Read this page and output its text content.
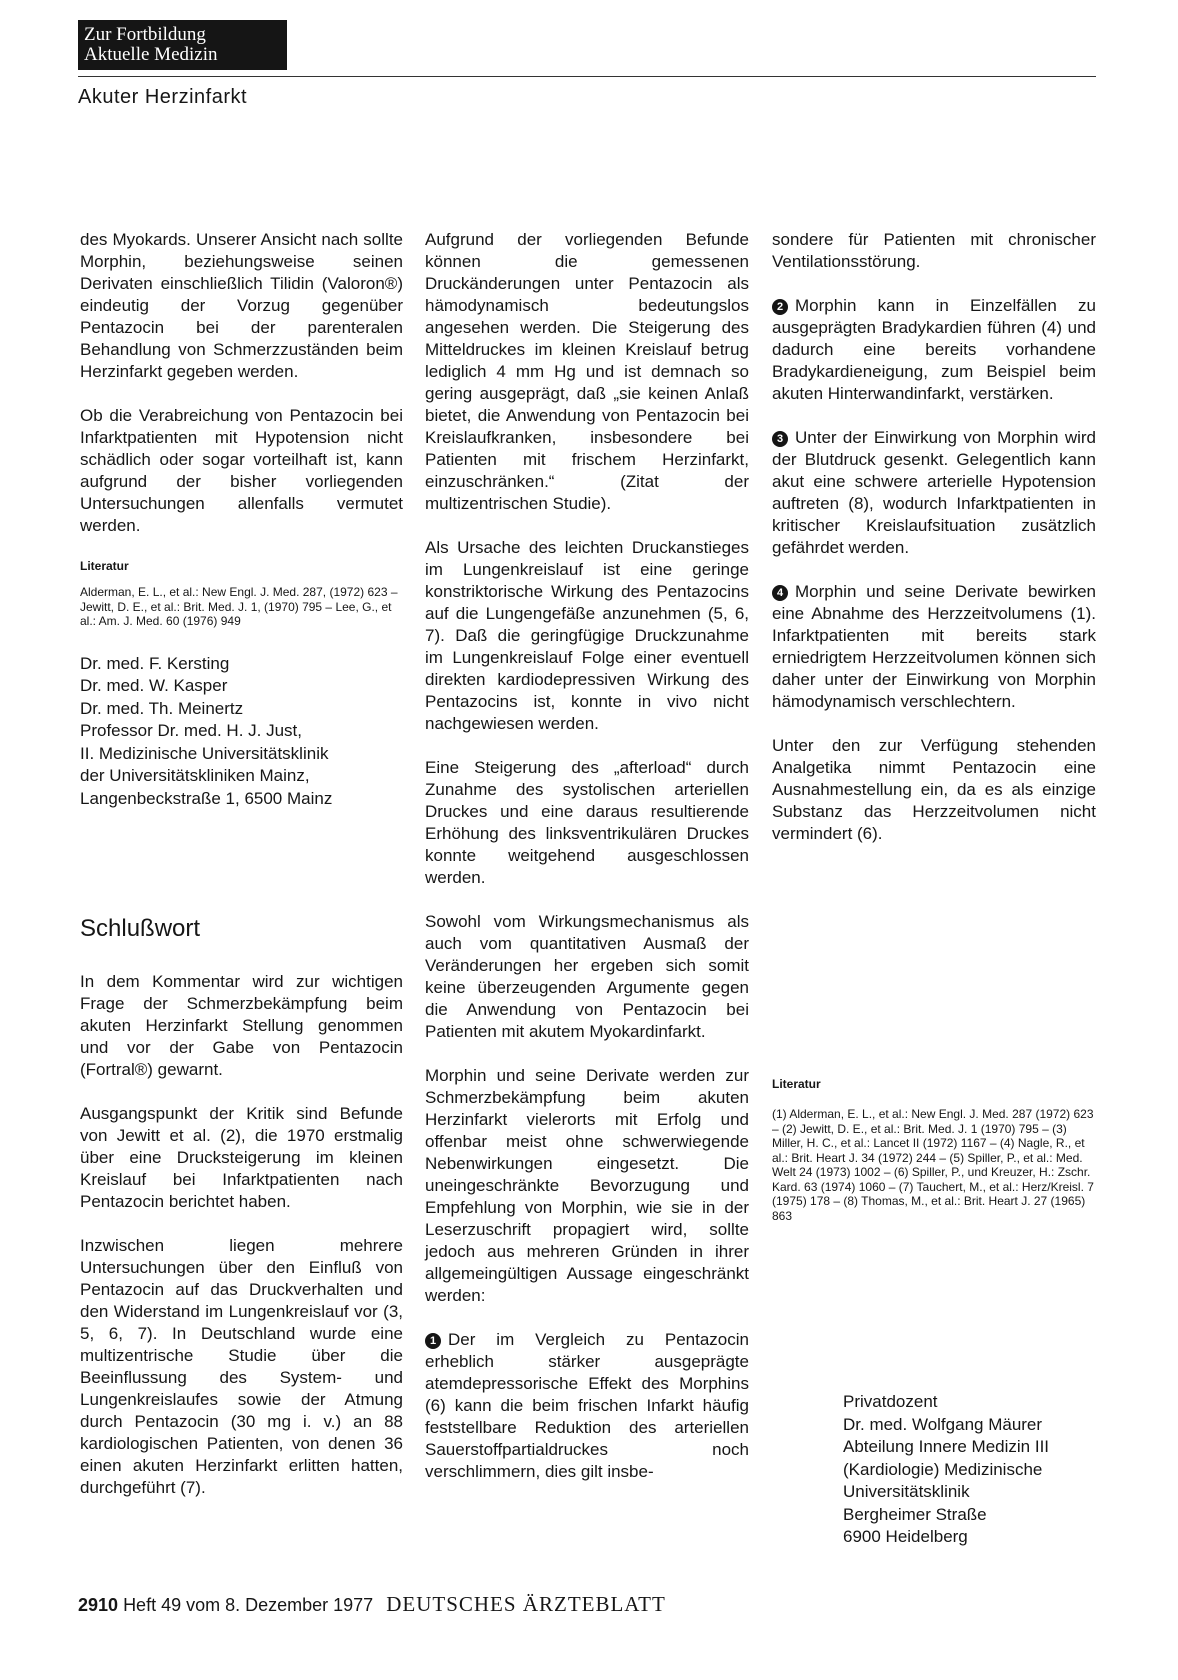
Zur Fortbildung
Aktuelle Medizin
Akuter Herzinfarkt

des Myokards. Unserer Ansicht nach sollte Morphin, beziehungsweise seinen Derivaten einschließlich Tilidin (Valoron®) eindeutig der Vorzug gegenüber Pentazocin bei der parenteralen Behandlung von Schmerzzuständen beim Herzinfarkt gegeben werden.

Ob die Verabreichung von Pentazocin bei Infarktpatienten mit Hypotension nicht schädlich oder sogar vorteilhaft ist, kann aufgrund der bisher vorliegenden Untersuchungen allenfalls vermutet werden.

Literatur
Alderman, E. L., et al.: New Engl. J. Med. 287, (1972) 623 – Jewitt, D. E., et al.: Brit. Med. J. 1, (1970) 795 – Lee, G., et al.: Am. J. Med. 60 (1976) 949
Dr. med. F. Kersting
Dr. med. W. Kasper
Dr. med. Th. Meinertz
Professor Dr. med. H. J. Just,
II. Medizinische Universitätsklinik
der Universitätskliniken Mainz,
Langenbeckstraße 1, 6500 Mainz
Schlußwort

In dem Kommentar wird zur wichtigen Frage der Schmerzbekämpfung beim akuten Herzinfarkt Stellung genommen und vor der Gabe von Pentazocin (Fortral®) gewarnt.

Ausgangspunkt der Kritik sind Befunde von Jewitt et al. (2), die 1970 erstmalig über eine Drucksteigerung im kleinen Kreislauf bei Infarktpatienten nach Pentazocin berichtet haben.

Inzwischen liegen mehrere Untersuchungen über den Einfluß von Pentazocin auf das Druckverhalten und den Widerstand im Lungenkreislauf vor (3, 5, 6, 7). In Deutschland wurde eine multizentrische Studie über die Beeinflussung des System- und Lungenkreislaufes sowie der Atmung durch Pentazocin (30 mg i. v.) an 88 kardiologischen Patienten, von denen 36 einen akuten Herzinfarkt erlitten hatten, durchgeführt (7).

Aufgrund der vorliegenden Befunde können die gemessenen Druckänderungen unter Pentazocin als hämodynamisch bedeutungslos angesehen werden. Die Steigerung des Mitteldruckes im kleinen Kreislauf betrug lediglich 4 mm Hg und ist demnach so gering ausgeprägt, daß „sie keinen Anlaß bietet, die Anwendung von Pentazocin bei Kreislaufkranken, insbesondere bei Patienten mit frischem Herzinfarkt, einzuschränken.“ (Zitat der multizentrischen Studie).

Als Ursache des leichten Druckanstieges im Lungenkreislauf ist eine geringe konstriktorische Wirkung des Pentazocins auf die Lungengefäße anzunehmen (5, 6, 7). Daß die geringfügige Druckzunahme im Lungenkreislauf Folge einer eventuell direkten kardiodepressiven Wirkung des Pentazocins ist, konnte in vivo nicht nachgewiesen werden.

Eine Steigerung des „afterload“ durch Zunahme des systolischen arteriellen Druckes und eine daraus resultierende Erhöhung des linksventrikulären Druckes konnte weitgehend ausgeschlossen werden.

Sowohl vom Wirkungsmechanismus als auch vom quantitativen Ausmaß der Veränderungen her ergeben sich somit keine überzeugenden Argumente gegen die Anwendung von Pentazocin bei Patienten mit akutem Myokardinfarkt.

Morphin und seine Derivate werden zur Schmerzbekämpfung beim akuten Herzinfarkt vielerorts mit Erfolg und offenbar meist ohne schwerwiegende Nebenwirkungen eingesetzt. Die uneingeschränkte Bevorzugung und Empfehlung von Morphin, wie sie in der Leserzuschrift propagiert wird, sollte jedoch aus mehreren Gründen in ihrer allgemeingültigen Aussage eingeschränkt werden:

1 Der im Vergleich zu Pentazocin erheblich stärker ausgeprägte atemdepressorische Effekt des Morphins (6) kann die beim frischen Infarkt häufig feststellbare Reduktion des arteriellen Sauerstoffpartialdruckes noch verschlimmern, dies gilt insbe-

sondere für Patienten mit chronischer Ventilationsstörung.

2 Morphin kann in Einzelfällen zu ausgeprägten Bradykardien führen (4) und dadurch eine bereits vorhandene Bradykardieneigung, zum Beispiel beim akuten Hinterwandinfarkt, verstärken.

3 Unter der Einwirkung von Morphin wird der Blutdruck gesenkt. Gelegentlich kann akut eine schwere arterielle Hypotension auftreten (8), wodurch Infarktpatienten in kritischer Kreislaufsituation zusätzlich gefährdet werden.

4 Morphin und seine Derivate bewirken eine Abnahme des Herzzeitvolumens (1). Infarktpatienten mit bereits stark erniedrigtem Herzzeitvolumen können sich daher unter der Einwirkung von Morphin hämodynamisch verschlechtern.

Unter den zur Verfügung stehenden Analgetika nimmt Pentazocin eine Ausnahmestellung ein, da es als einzige Substanz das Herzzeitvolumen nicht vermindert (6).

Literatur
(1) Alderman, E. L., et al.: New Engl. J. Med. 287 (1972) 623 – (2) Jewitt, D. E., et al.: Brit. Med. J. 1 (1970) 795 – (3) Miller, H. C., et al.: Lancet II (1972) 1167 – (4) Nagle, R., et al.: Brit. Heart J. 34 (1972) 244 – (5) Spiller, P., et al.: Med. Welt 24 (1973) 1002 – (6) Spiller, P., und Kreuzer, H.: Zschr. Kard. 63 (1974) 1060 – (7) Tauchert, M., et al.: Herz/Kreisl. 7 (1975) 178 – (8) Thomas, M., et al.: Brit. Heart J. 27 (1965) 863
Privatdozent
Dr. med. Wolfgang Mäurer
Abteilung Innere Medizin III
(Kardiologie) Medizinische
Universitätsklinik
Bergheimer Straße
6900 Heidelberg
2910 Heft 49 vom 8. Dezember 1977 DEUTSCHES ÄRZTEBLATT
